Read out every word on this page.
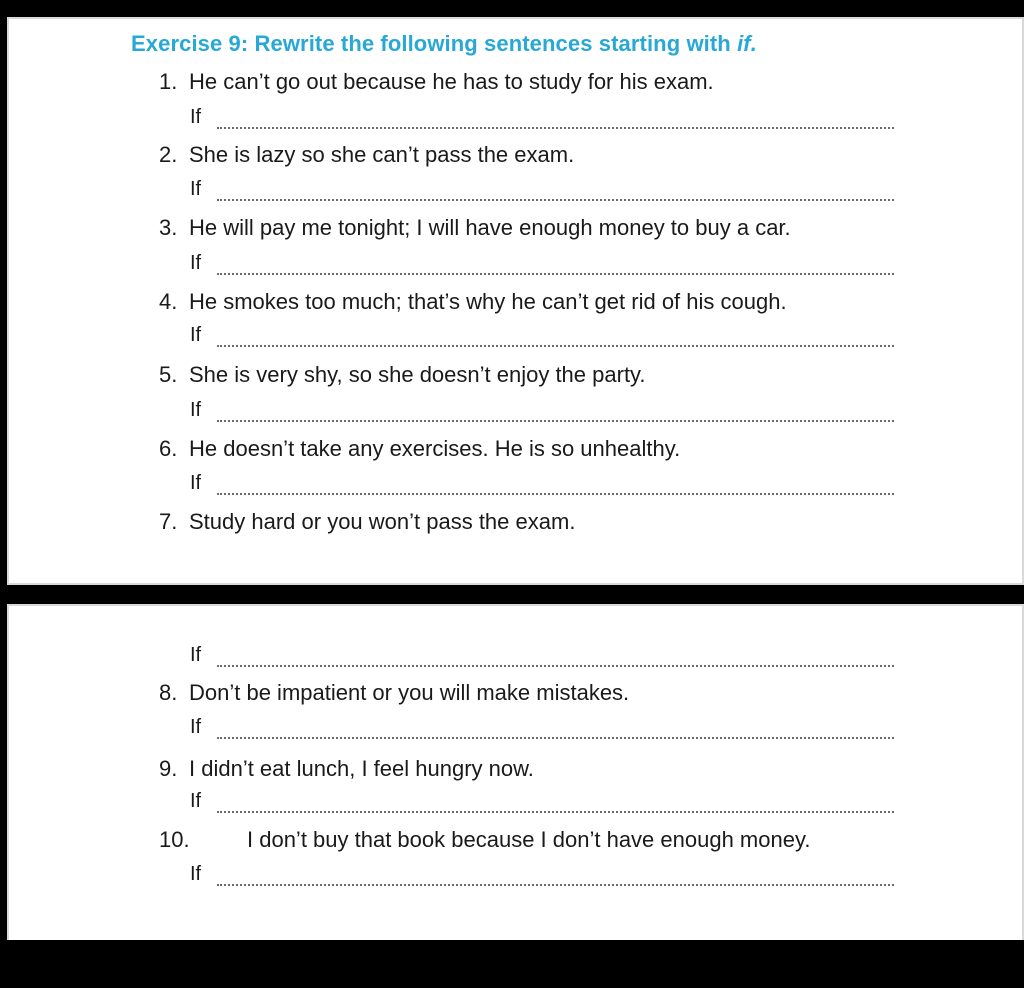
Exercise 9: Rewrite the following sentences starting with if.
1. He can’t go out because he has to study for his exam.
If
2. She is lazy so she can’t pass the exam.
If
3. He will pay me tonight; I will have enough money to buy a car.
If
4. He smokes too much; that’s why he can’t get rid of his cough.
If
5. She is very shy, so she doesn’t enjoy the party.
If
6. He doesn’t take any exercises. He is so unhealthy.
If
7. Study hard or you won’t pass the exam.
If
8. Don’t be impatient or you will make mistakes.
If
9. I didn’t eat lunch, I feel hungry now.
If
10.	I don’t buy that book because I don’t have enough money.
If
